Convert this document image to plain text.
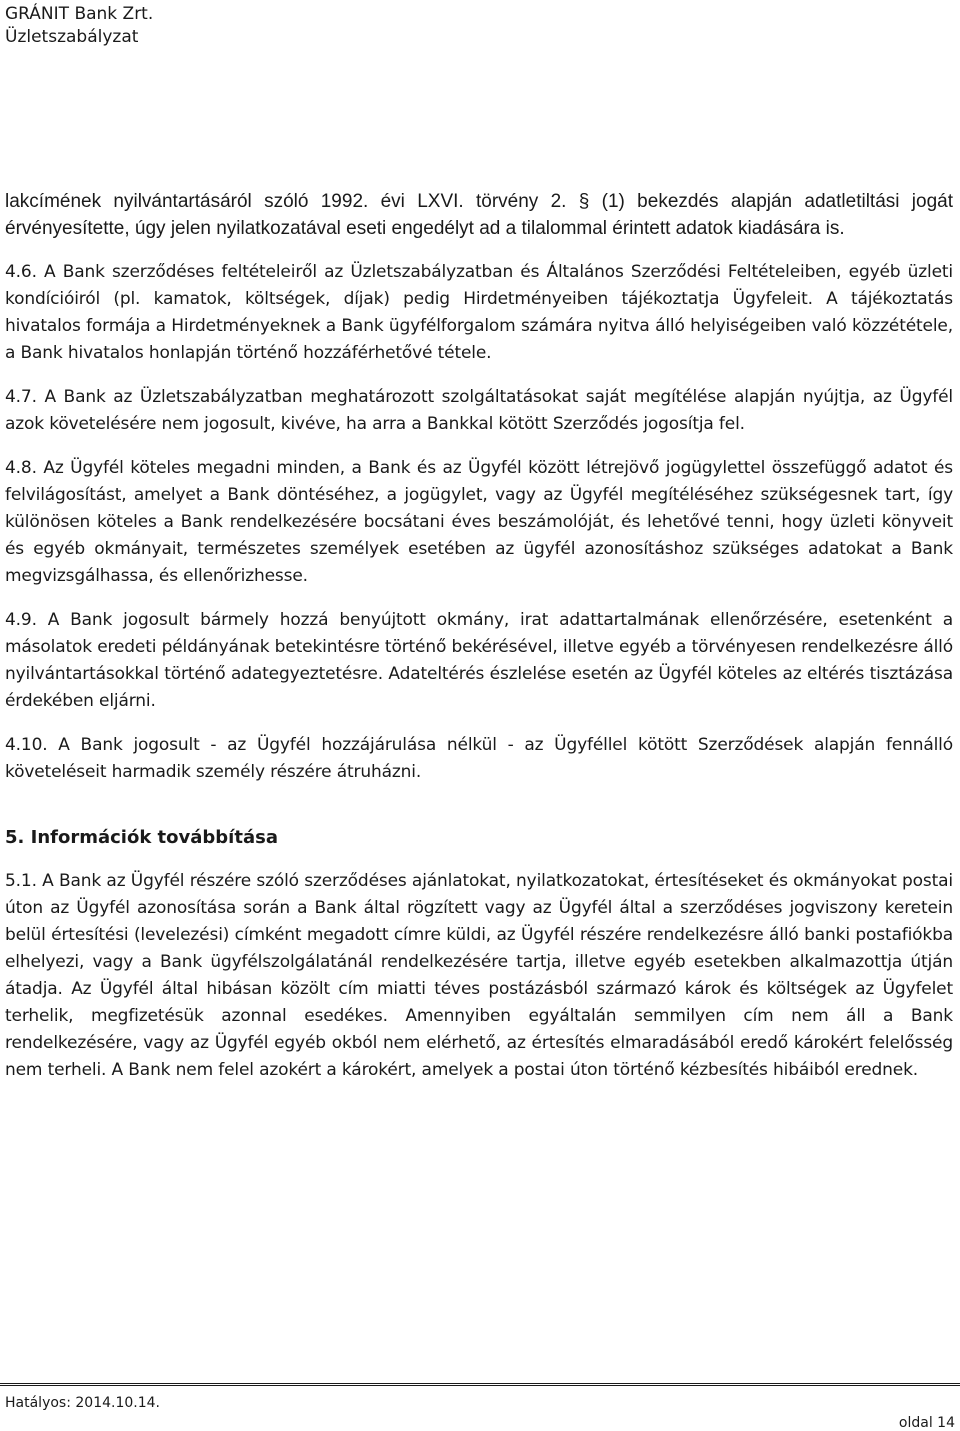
GRÁNIT Bank Zrt.
Üzletszabályzat

lakcímének nyilvántartásáról szóló 1992. évi LXVI. törvény 2. § (1) bekezdés alapján adatletiltási jogát érvényesítette, úgy jelen nyilatkozatával eseti engedélyt ad a tilalommal érintett adatok kiadására is.

4.6. A Bank szerződéses feltételeiről az Üzletszabályzatban és Általános Szerződési Feltételeiben, egyéb üzleti kondícióiról (pl. kamatok, költségek, díjak) pedig Hirdetményeiben tájékoztatja Ügyfeleit. A tájékoztatás hivatalos formája a Hirdetményeknek a Bank ügyfélforgalom számára nyitva álló helyiségeiben való közzététele, a Bank hivatalos honlapján történő hozzáférhetővé tétele.

4.7. A Bank az Üzletszabályzatban meghatározott szolgáltatásokat saját megítélése alapján nyújtja, az Ügyfél azok követelésére nem jogosult, kivéve, ha arra a Bankkal kötött Szerződés jogosítja fel.

4.8. Az Ügyfél köteles megadni minden, a Bank és az Ügyfél között létrejövő jogügylettel összefüggő adatot és felvilágosítást, amelyet a Bank döntéséhez, a jogügylet, vagy az Ügyfél megítéléséhez szükségesnek tart, így különösen köteles a Bank rendelkezésére bocsátani éves beszámolóját, és lehetővé tenni, hogy üzleti könyveit és egyéb okmányait, természetes személyek esetében az ügyfél azonosításhoz szükséges adatokat a Bank megvizsgálhassa, és ellenőrizhesse.

4.9. A Bank jogosult bármely hozzá benyújtott okmány, irat adattartalmának ellenőrzésére, esetenként a másolatok eredeti példányának betekintésre történő bekérésével, illetve egyéb a törvényesen rendelkezésre álló nyilvántartásokkal történő adategyeztetésre. Adateltérés észlelése esetén az Ügyfél köteles az eltérés tisztázása érdekében eljárni.

4.10. A Bank jogosult - az Ügyfél hozzájárulása nélkül - az Ügyféllel kötött Szerződések alapján fennálló követeléseit harmadik személy részére átruházni.

5. Információk továbbítása

5.1. A Bank az Ügyfél részére szóló szerződéses ajánlatokat, nyilatkozatokat, értesítéseket és okmányokat postai úton az Ügyfél azonosítása során a Bank által rögzített vagy az Ügyfél által a szerződéses jogviszony keretein belül értesítési (levelezési) címként megadott címre küldi, az Ügyfél részére rendelkezésre álló banki postafiókba elhelyezi, vagy a Bank ügyfélszolgálatánál rendelkezésére tartja, illetve egyéb esetekben alkalmazottja útján átadja. Az Ügyfél által hibásan közölt cím miatti téves postázásból származó károk és költségek az Ügyfelet terhelik, megfizetésük azonnal esedékes. Amennyiben egyáltalán semmilyen cím nem áll a Bank rendelkezésére, vagy az Ügyfél egyéb okból nem elérhető, az értesítés elmaradásából eredő károkért felelősség nem terheli. A Bank nem felel azokért a károkért, amelyek a postai úton történő kézbesítés hibáiból erednek.

Hatályos: 2014.10.14.
oldal 14
